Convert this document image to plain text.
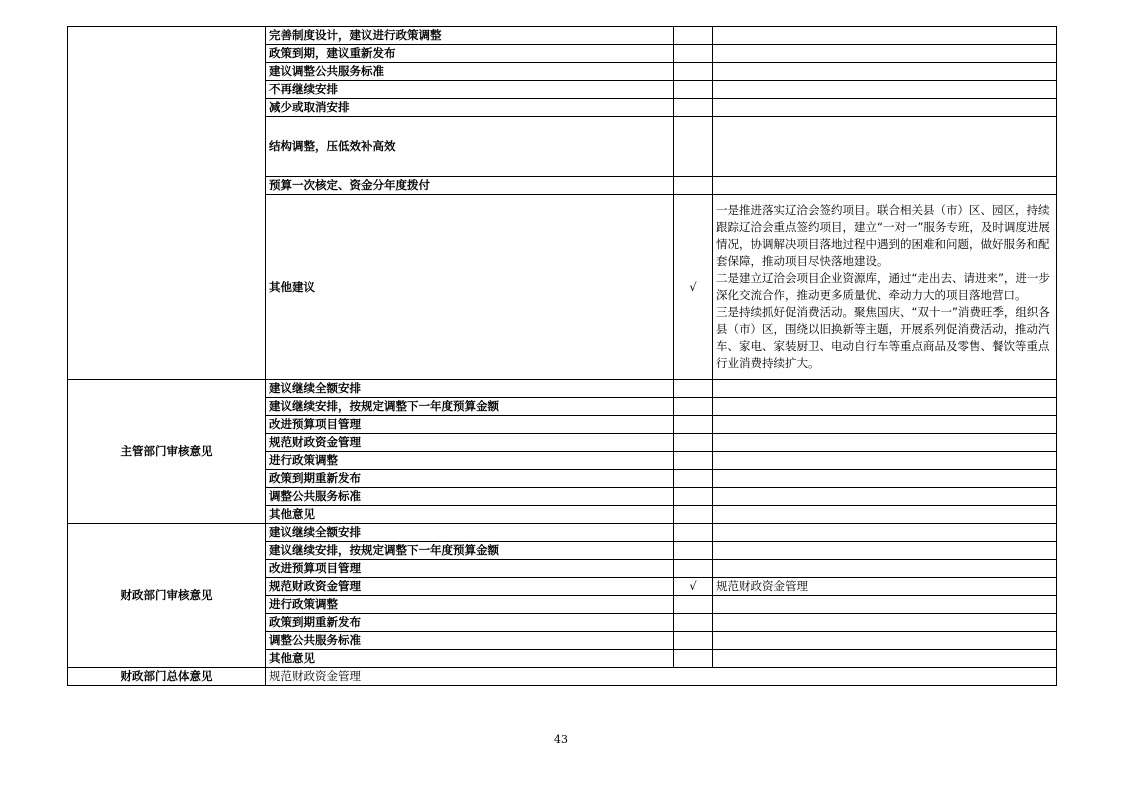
	完善制度设计，建议进行政策调整		
	政策到期，建议重新发布		
	建议调整公共服务标准		
	不再继续安排		
	减少或取消安排		
	结构调整，压低效补高效		
	预算一次核定、资金分年度拨付		
	其他建议	√	一是推进落实辽洽会签约项目。联合相关县（市）区、园区，持续跟踪辽洽会重点签约项目，建立“一对一”服务专班，及时调度进展情况，协调解决项目落地过程中遇到的困难和问题，做好服务和配套保障，推动项目尽快落地建设。

二是建立辽洽会项目企业资源库，通过“走出去、请进来”，进一步深化交流合作，推动更多质量优、牵动力大的项目落地营口。

三是持续抓好促消费活动。聚焦国庆、“双十一”消费旺季，组织各县（市）区，围绕以旧换新等主题，开展系列促消费活动，推动汽车、家电、家装厨卫、电动自行车等重点商品及零售、餐饮等重点行业消费持续扩大。

主管部门审核意见	建议继续全额安排		
	建议继续安排，按规定调整下一年度预算金额		
	改进预算项目管理		
	规范财政资金管理		
	进行政策调整		
	政策到期重新发布		
	调整公共服务标准		
	其他意见		
财政部门审核意见	建议继续全额安排		
	建议继续安排，按规定调整下一年度预算金额		
	改进预算项目管理		
	规范财政资金管理	√	规范财政资金管理
	进行政策调整		
	政策到期重新发布		
	调整公共服务标准		
	其他意见		
财政部门总体意见	规范财政资金管理		
43
